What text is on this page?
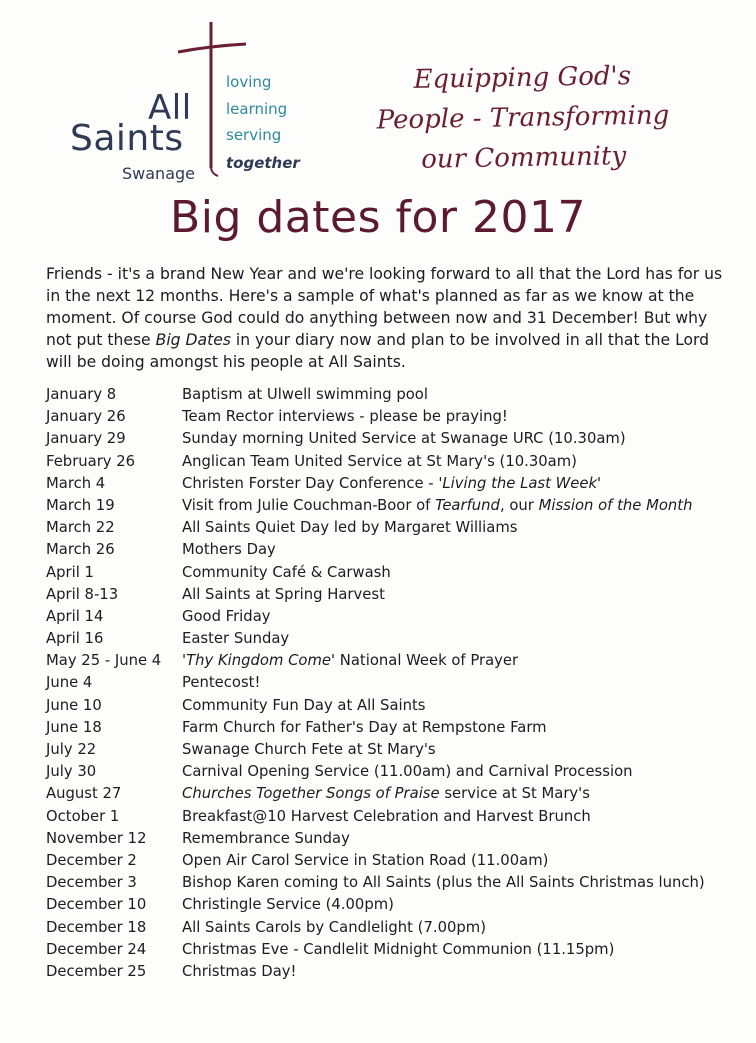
All
Saints
Swanage
loving
learning
serving
together
Equipping God's
People - Transforming
our Community
Big dates for 2017

Friends - it's a brand New Year and we're looking forward to all that the Lord has for us in the next 12 months. Here's a sample of what's planned as far as we know at the moment. Of course God could do anything between now and 31 December! But why not put these Big Dates in your diary now and plan to be involved in all that the Lord will be doing amongst his people at All Saints.

January 8	Baptism at Ulwell swimming pool
January 26	Team Rector interviews - please be praying!
January 29	Sunday morning United Service at Swanage URC (10.30am)
February 26	Anglican Team United Service at St Mary's (10.30am)
March 4	Christen Forster Day Conference - 'Living the Last Week'
March 19	Visit from Julie Couchman-Boor of Tearfund, our Mission of the Month
March 22	All Saints Quiet Day led by Margaret Williams
March 26	Mothers Day
April 1	Community Café & Carwash
April 8-13	All Saints at Spring Harvest
April 14	Good Friday
April 16	Easter Sunday
May 25 - June 4 'Thy Kingdom Come' National Week of Prayer
June 4	Pentecost!
June 10	Community Fun Day at All Saints
June 18	Farm Church for Father's Day at Rempstone Farm
July 22	Swanage Church Fete at St Mary's
July 30	Carnival Opening Service (11.00am) and Carnival Procession
August 27	Churches Together Songs of Praise service at St Mary's
October 1	Breakfast@10 Harvest Celebration and Harvest Brunch
November 12 Remembrance Sunday
December 2	Open Air Carol Service in Station Road (11.00am)
December 3	Bishop Karen coming to All Saints (plus the All Saints Christmas lunch)
December 10 Christingle Service (4.00pm)
December 18 All Saints Carols by Candlelight (7.00pm)
December 24 Christmas Eve - Candlelit Midnight Communion (11.15pm)
December 25 Christmas Day!
